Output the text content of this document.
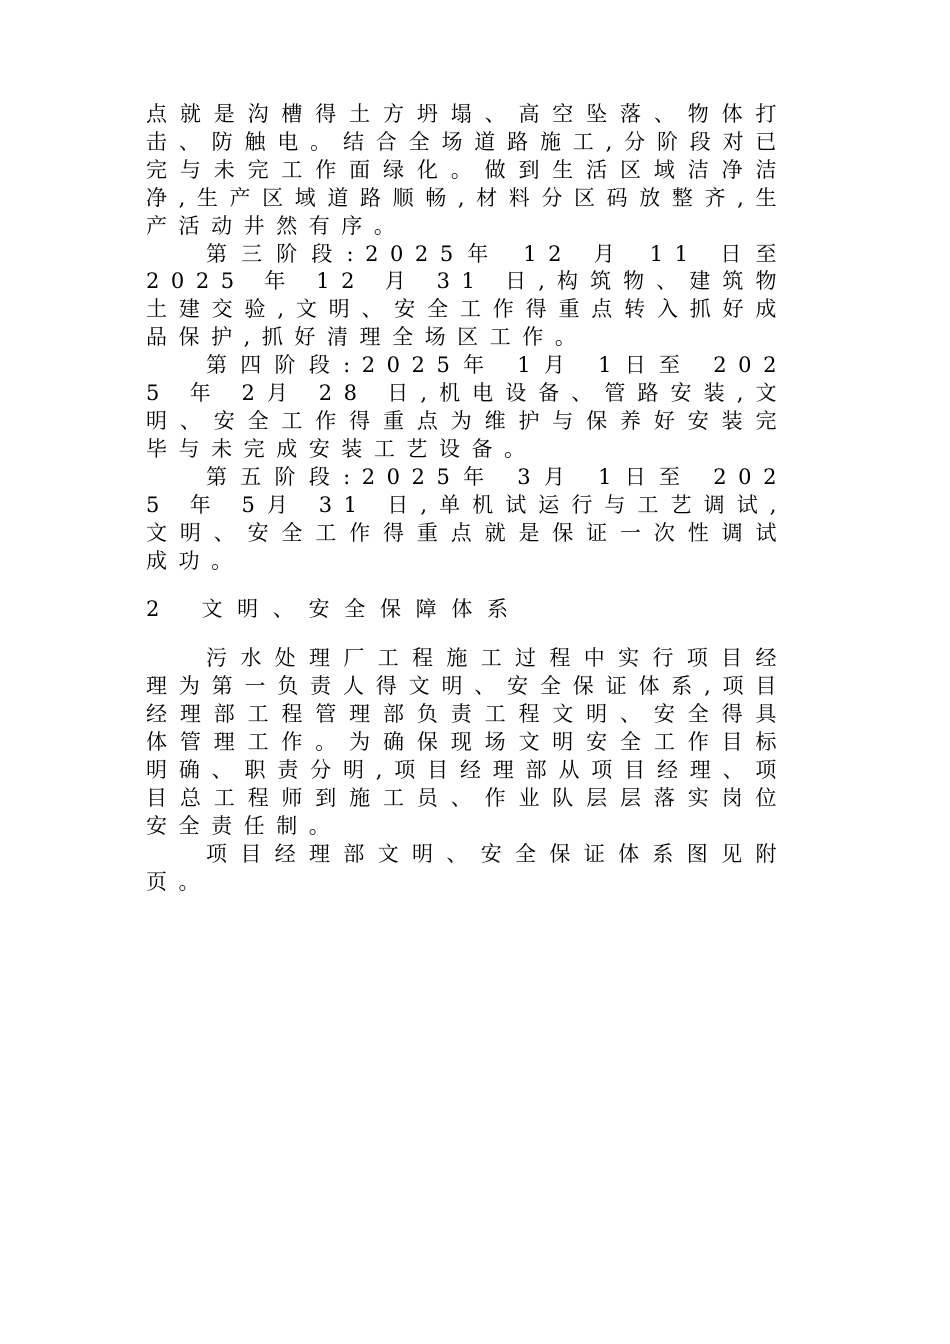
点就是沟槽得土方坍塌、高空坠落、物体打击、防触电。结合全场道路施工,分阶段对已完与未完工作面绿化。做到生活区域洁净洁净,生产区域道路顺畅,材料分区码放整齐,生产活动井然有序。

第三阶段:2025年 12 月 11 日至 2025 年 12 月 31 日,构筑物、建筑物土建交验,文明、安全工作得重点转入抓好成品保护,抓好清理全场区工作。

第四阶段:2025年 1月 1日至 2025 年 2月 28 日,机电设备、管路安装,文明、安全工作得重点为维护与保养好安装完毕与未完成安装工艺设备。

第五阶段:2025年 3月 1日至 2025 年 5月 31 日,单机试运行与工艺调试,文明、安全工作得重点就是保证一次性调试成功。

2 文明、安全保障体系

污水处理厂工程施工过程中实行项目经理为第一负责人得文明、安全保证体系,项目经理部工程管理部负责工程文明、安全得具体管理工作。为确保现场文明安全工作目标明确、职责分明,项目经理部从项目经理、项目总工程师到施工员、作业队层层落实岗位安全责任制。

项目经理部文明、安全保证体系图见附页。
